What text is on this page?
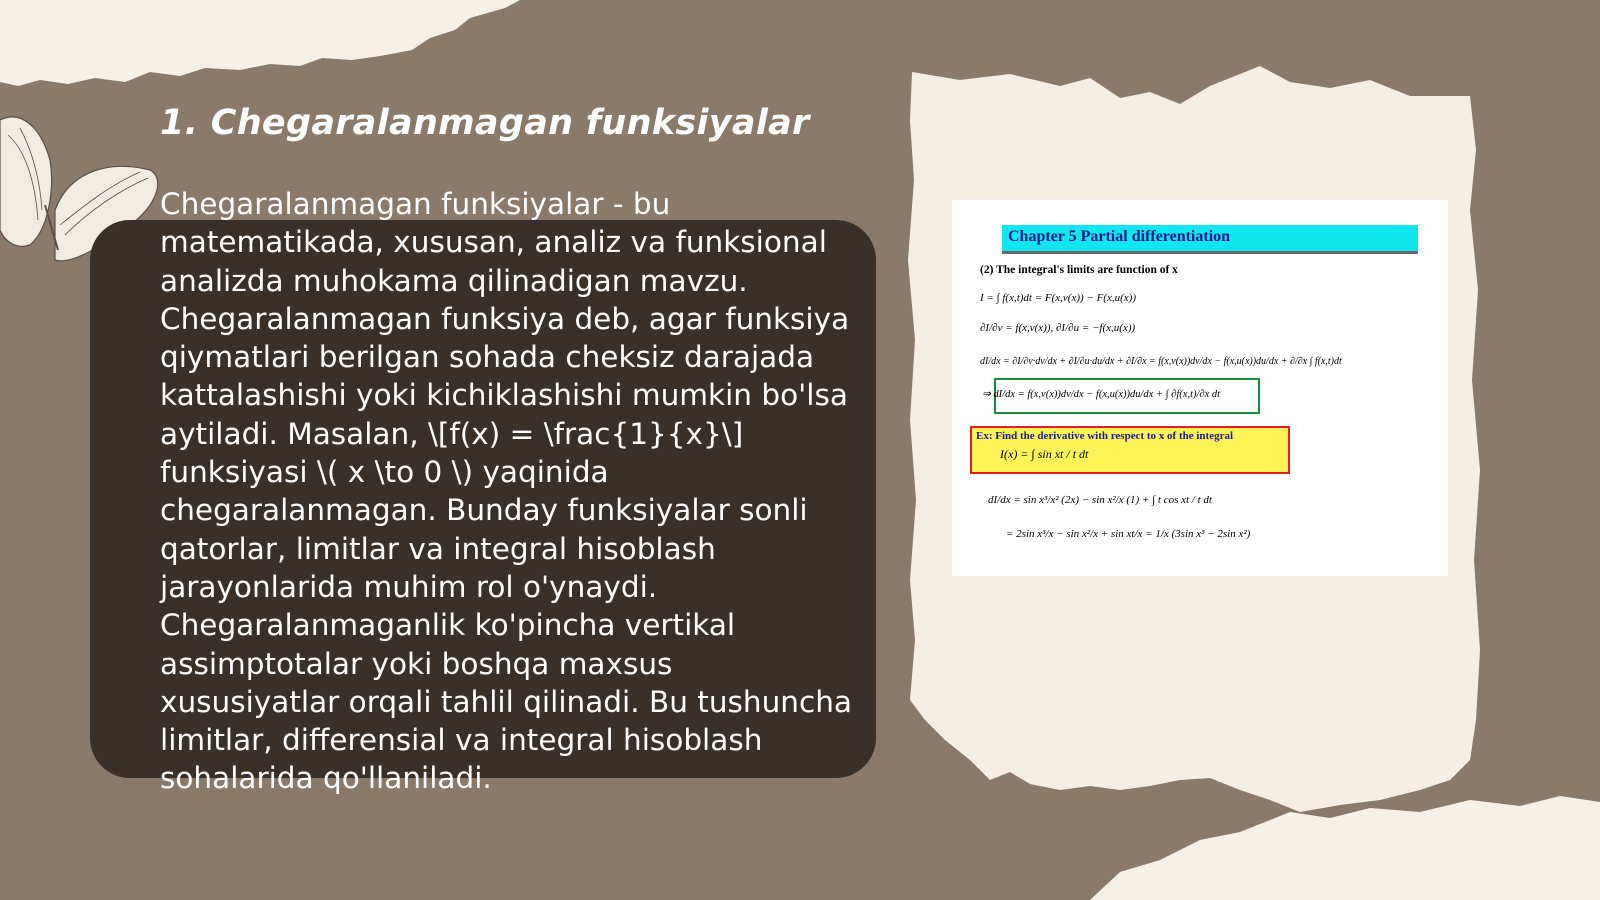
1. Chegaralanmagan funksiyalar
Chegaralanmagan funksiyalar - bu matematikada, xususan, analiz va funksional analizda muhokama qilinadigan mavzu. Chegaralanmagan funksiya deb, agar funksiya qiymatlari berilgan sohada cheksiz darajada kattalashishi yoki kichiklashishi mumkin bo'lsa aytiladi. Masalan, \[f(x) = \frac{1}{x}\] funksiyasi \( x \to 0 \) yaqinida chegaralanmagan. Bunday funksiyalar sonli qatorlar, limitlar va integral hisoblash jarayonlarida muhim rol o'ynaydi. Chegaralanmaganlik ko'pincha vertikal assimptotalar yoki boshqa maxsus xususiyatlar orqali tahlil qilinadi. Bu tushuncha limitlar, differensial va integral hisoblash sohalarida qo'llaniladi.
Chapter 5 Partial differentiation
(2) The integral's limits are function of x
I = ∫ f(x,t)dt = F(x,v(x)) − F(x,u(x))
∂I/∂v = f(x,v(x)), ∂I/∂u = −f(x,u(x))
dI/dx = ∂I/∂v·dv/dx + ∂I/∂u·du/dx + ∂I/∂x = f(x,v(x))dv/dx − f(x,u(x))du/dx + ∂/∂x ∫ f(x,t)dt
⇒ dI/dx = f(x,v(x))dv/dx − f(x,u(x))du/dx + ∫ ∂f(x,t)/∂x dt
Ex: Find the derivative with respect to x of the integral
I(x) = ∫ sin xt / t dt
dI/dx = sin x³/x² (2x) − sin x²/x (1) + ∫ t cos xt / t dt
= 2sin x³/x − sin x²/x + sin xt/x = 1/x (3sin x³ − 2sin x²)
